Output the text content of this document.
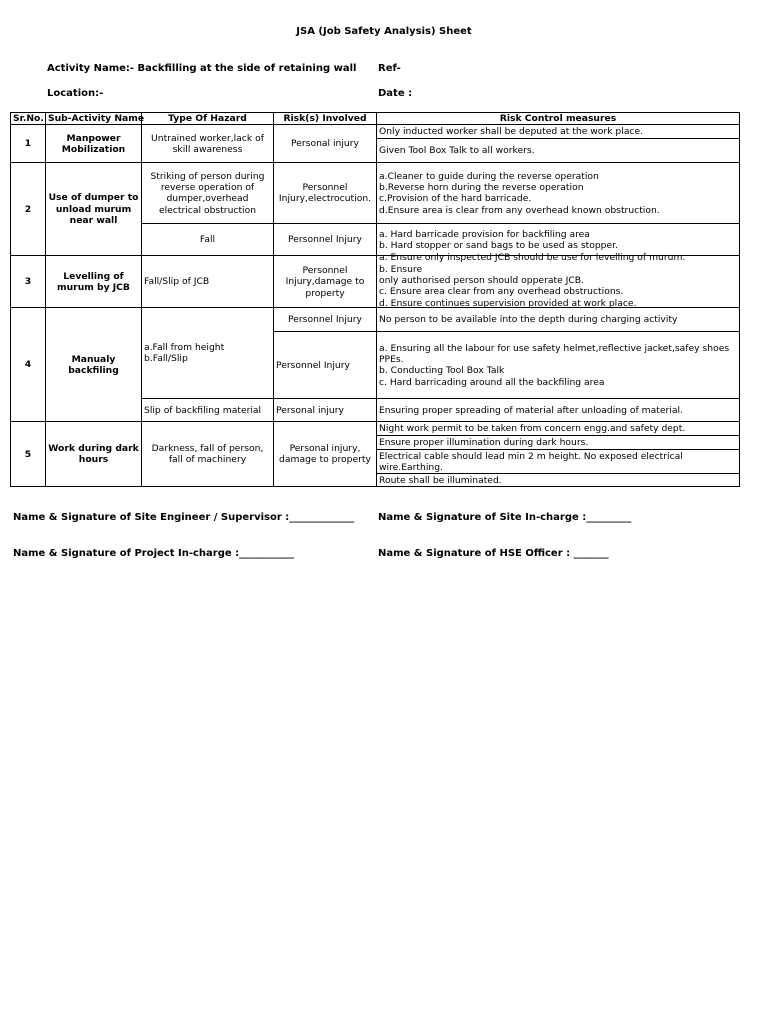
JSA (Job Safety Analysis) Sheet
Activity Name:- Backfilling at the side of retaining wall Ref-
Location:-	Date :
Sr.No.	Sub-Activity Name	Type Of Hazard	Risk(s) Involved	Risk Control measures
1	Manpower Mobilization	Untrained worker,lack of skill awareness	Personal injury	Only inducted worker shall be deputed at the work place.
				Given Tool Box Talk to all workers.
2	Use of dumper to unload murum near wall	Striking of person during reverse operation of dumper,overhead electrical obstruction	Personnel Injury,electrocution.	a.Cleaner to guide during the reverse operation
b.Reverse horn during the reverse operation
c.Provision of the hard barricade.
d.Ensure area is clear from any overhead known obstruction.
		Fall	Personnel Injury	a. Hard barricade provision for backfiling area
b. Hard stopper or sand bags to be used as stopper.
3	Levelling of murum by JCB	Fall/Slip of JCB	Personnel Injury,damage to property	a. Ensure only inspected JCB should be use for levelling of murum.
b. Ensure
only authorised person should opperate JCB.
c. Ensure area clear from any overhead obstructions.
d. Ensure continues supervision provided at work place.

4	Manualy backfiling	a.Fall from height
b.Fall/Slip	Personnel Injury	No person to be available into the depth during charging activity
			Personnel Injury	a. Ensuring all the labour for use safety helmet,reflective jacket,safey shoes PPEs.
b. Conducting Tool Box Talk
c. Hard barricading around all the backfiling area
		Slip of backfiling material	Personal injury	Ensuring proper spreading of material after unloading of material.
5	Work during dark hours	Darkness, fall of person, fall of machinery	Personal injury, damage to property	Night work permit to be taken from concern engg.and safety dept.
				Ensure proper illumination during dark hours.
				Electrical cable should lead min 2 m height. No exposed electrical wire.Earthing.
				Route shall be illuminated.
Name & Signature of Site Engineer / Supervisor :_____________ Name & Signature of Site In-charge :_________
Name & Signature of Project In-charge :___________	Name & Signature of HSE Officer : _______
